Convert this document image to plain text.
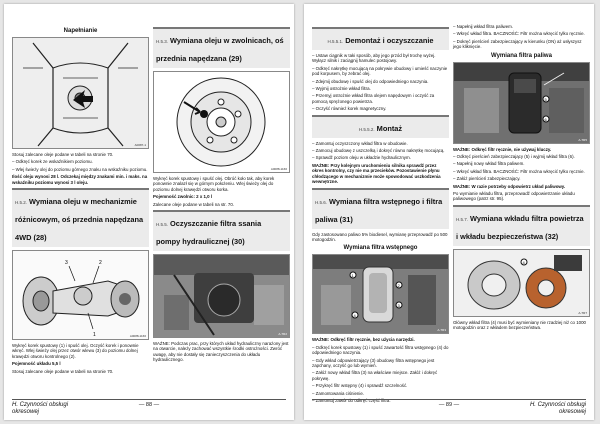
Napełnianie
A0087-1

Stosuj zalecane oleje podane w tabeli na stronie 70.

– Odkręć korek ze wskaźnikiem poziomu.

– Wlej świeży olej do poziomu górnego znaku na wskaźniku poziomu.

Ilość oleju wynosi 28 l. Odczekaj między znakami min. i maks. na wskaźniku poziomu wynosi 3 l oleju.

H.5.2. Wymiana oleju w mechanizmie różnicowym, oś przednia napędzana 4WD (28)
3	2
1	A0088-1166

Wykręć korek spustowy (1) i spuść olej. Oczyść korek i ponownie wkręć. Wlej świeży olej przez otwór wlewu (3) do poziomu dolnej krawędzi otworu kontrolnego (2).

Pojemność układu 5,5 l

Stosuj zalecane oleje podane w tabeli na stronie 70.

H.5.3. Wymiana oleju w zwolnicach, oś przednia napędzana (29)
A0088-1166

Wykręć korek spustowy i spuść olej. Obróć koło tak, aby korek ponownie znalazł się w górnym położeniu. Wlej świeży olej do poziomu dolnej krawędzi otworu korka.

Pojemność zwolnic: 2 x 1,0 l

Zalecane oleje podane w tabeli na str. 70.

H.5.5. Oczyszczanie filtra ssania pompy hydraulicznej (30)
A-TR2

WAŻNE: Podczas prac, przy których układ hydrauliczny narażony jest na otwarcie, należy zachować wszystkie środki ostrożności. Zwróć uwagę, aby nie dostały się zanieczyszczenia do układu hydraulicznego.

H. Czynności obsługi okresowej
— 88 —
H.5.5.1. Demontaż i oczyszczanie

– Ustaw ciągnik w taki sposób, aby jego przód był trochę wyżej. Wyłącz silnik i zaciągnij hamulec postojowy.

– Odkręć nakrętkę mocującą na pokrywie obudowy i umieść naczynie pod korpusem, by zebrać olej.

– Zdejmij obudowę i spuść olej do odpowiedniego naczynia.

– Wyjmij ostrożnie wkład filtra.

– Przemyj ostrożnie wkład filtra olejem napędowym i oczyść za pomocą sprężonego powietrza.

– Oczyść również korek magnetyczny.

H.5.5.2. Montaż

– Zamontuj oczyszczony wkład filtra w obudowie.

– Zamocuj obudowę z uszczelką i dokręć równo nakrętkę mocującą.

– Sprawdź poziom oleju w układzie hydraulicznym.

WAŻNE: Przy kolejnym uruchomieniu silnika sprawdź przez okres kontrolny, czy nie ma przecieków. Pozostawienie płynu chłodzącego w mechanizmie może spowodować uszkodzenia wewnętrzne.

H.5.6. Wymiana filtra wstępnego i filtra paliwa (31)

Gdy zastosowano paliwo 5% biodiesel, wymianę przeprowadź po 500 motogodzin.

Wymiana filtra wstępnego
1
2
3
4
A-TR3

WAŻNE: Odkręć filtr ręcznie, bez użycia narzędzi.

– Odkręć korek spustowy (1) i spuść zawartość filtra wstępnego (4) do odpowiedniego naczynia.

– Gdy wkład odpowietrzający (3) obudowy filtra wstępnego jest zapchany, oczyść go lub wymień.

– Załóż nowy wkład filtra (3) na właściwe miejsce. Załóż i dokręć pokrywę.

– Przykręć filtr wstępny (4) i sprawdź szczelność.

– Zamontowania ciśnienie.

– Zamontuj zawór do odkręć część filtra.

– Napełnij wkład filtra paliwem.

– Wkręć wkład filtra. BACZNOŚĆ: Filtr można wkręcić tylko ręcznie.

– Dokręć pierścień zabezpieczający w kierunku (ON) aż usłyszysz jego kliknięcie.

Wymiana filtra paliwa
5
6
A-TR5

WAŻNE: Odkręć filtr ręcznie, nie używaj kluczy.

– Odkręć pierścień zabezpieczający (5) i wyjmij wkład filtra (6).

– Napełnij nowy wkład filtra paliwem.

– Wkręć wkład filtra. BACZNOŚĆ: Filtr można wkręcić tylko ręcznie.

– Załóż pierścień zabezpieczający.

WAŻNE: W razie potrzeby odpowietrz układ paliwowy.

Po wymianie wkładu filtra, przeprowadź odpowietrzanie układu paliwowego (patrz str. 95).

H.5.7. Wymiana wkładu filtra powietrza i wkładu bezpieczeństwa (32)
4
A-TR7

Główny wkład filtra (4) musi być wymieniany nie rzadziej niż co 1000 motogodzin oraz z wkładem bezpieczeństwa.

— 89 —	H. Czynności obsługi okresowej
